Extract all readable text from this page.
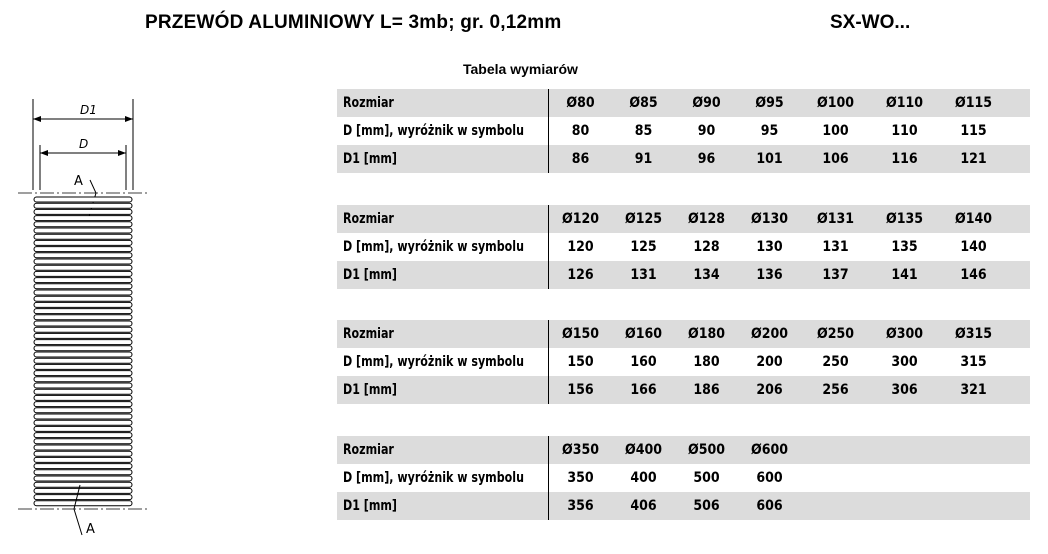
PRZEWÓD ALUMINIOWY L= 3mb; gr. 0,12mm	SX-WO...
Tabela wymiarów
D1
D
A
A
Rozmiar	Ø80	Ø85	Ø90	Ø95	Ø100	Ø110	Ø115
D [mm], wyróżnik w symbolu	80	85	90	95	100	110	115
D1 [mm]	86	91	96	101	106	116	121
Rozmiar	Ø120	Ø125	Ø128	Ø130	Ø131	Ø135	Ø140
D [mm], wyróżnik w symbolu	120	125	128	130	131	135	140
D1 [mm]	126	131	134	136	137	141	146
Rozmiar	Ø150	Ø160	Ø180	Ø200	Ø250	Ø300	Ø315
D [mm], wyróżnik w symbolu	150	160	180	200	250	300	315
D1 [mm]	156	166	186	206	256	306	321
Rozmiar	Ø350	Ø400	Ø500	Ø600
D [mm], wyróżnik w symbolu	350	400	500	600
D1 [mm]	356	406	506	606
